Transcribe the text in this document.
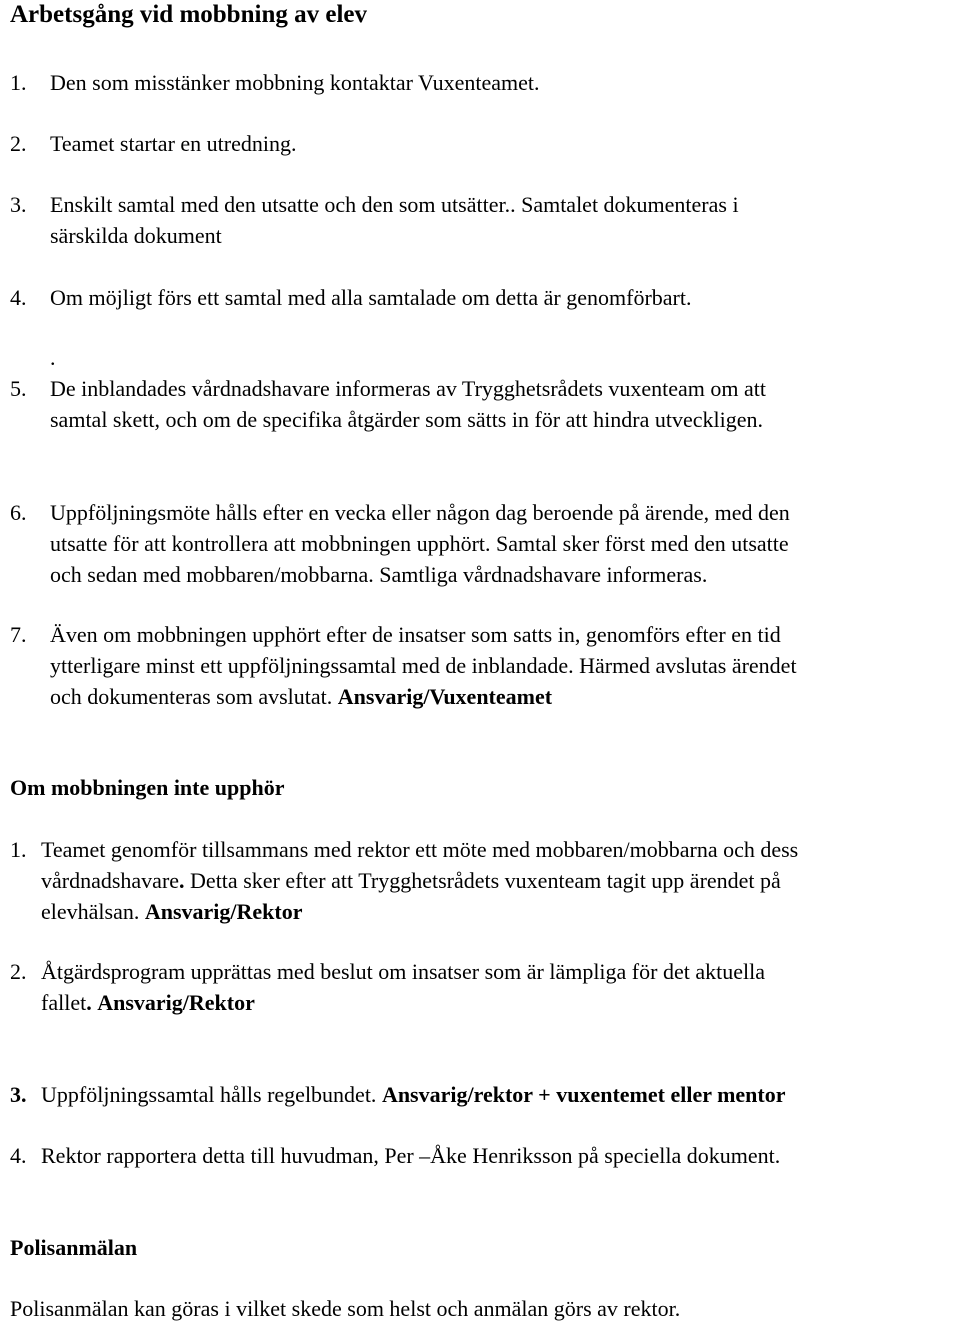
Arbetsgång vid mobbning av elev
1. Den som misstänker mobbning kontaktar Vuxenteamet.
2. Teamet startar en utredning.
3. Enskilt samtal med den utsatte och den som utsätter.. Samtalet dokumenteras i
särskilda dokument
4. Om möjligt förs ett samtal med alla samtalade om detta är genomförbart.
.
5. De inblandades vårdnadshavare informeras av Trygghetsrådets vuxenteam om att
samtal skett, och om de specifika åtgärder som sätts in för att hindra utveckligen.
6. Uppföljningsmöte hålls efter en vecka eller någon dag beroende på ärende, med den
utsatte för att kontrollera att mobbningen upphört. Samtal sker först med den utsatte
och sedan med mobbaren/mobbarna. Samtliga vårdnadshavare informeras.
7. Även om mobbningen upphört efter de insatser som satts in, genomförs efter en tid
ytterligare minst ett uppföljningssamtal med de inblandade. Härmed avslutas ärendet
och dokumenteras som avslutat. Ansvarig/Vuxenteamet
Om mobbningen inte upphör
1. Teamet genomför tillsammans med rektor ett möte med mobbaren/mobbarna och dess
vårdnadshavare. Detta sker efter att Trygghetsrådets vuxenteam tagit upp ärendet på
elevhälsan. Ansvarig/Rektor
2. Åtgärdsprogram upprättas med beslut om insatser som är lämpliga för det aktuella
fallet. Ansvarig/Rektor
3. Uppföljningssamtal hålls regelbundet. Ansvarig/rektor + vuxentemet eller mentor
4. Rektor rapportera detta till huvudman, Per –Åke Henriksson på speciella dokument.
Polisanmälan

Polisanmälan kan göras i vilket skede som helst och anmälan görs av rektor.
